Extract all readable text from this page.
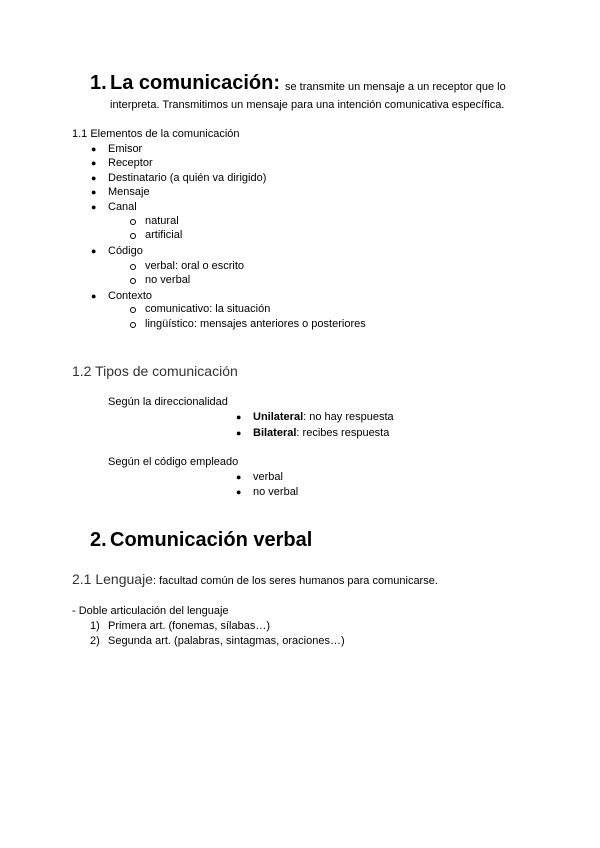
1. La comunicación: se transmite un mensaje a un receptor que lo
interpreta. Transmitimos un mensaje para una intención comunicativa específica.
1.1 Elementos de la comunicación
● Emisor
● Receptor
● Destinatario (a quién va dirigido)
● Mensaje
● Canal
natural
artificial
● Código
verbal: oral o escrito
no verbal
● Contexto
comunicativo: la situación
lingüístico: mensajes anteriores o posteriores
1.2 Tipos de comunicación
Según la direccionalidad
● Unilateral: no hay respuesta
● Bilateral: recibes respuesta
Según el código empleado
● verbal
● no verbal
2. Comunicación verbal
2.1 Lenguaje: facultad común de los seres humanos para comunicarse.
- Doble articulación del lenguaje
1) Primera art. (fonemas, sílabas…)
2) Segunda art. (palabras, sintagmas, oraciones…)
